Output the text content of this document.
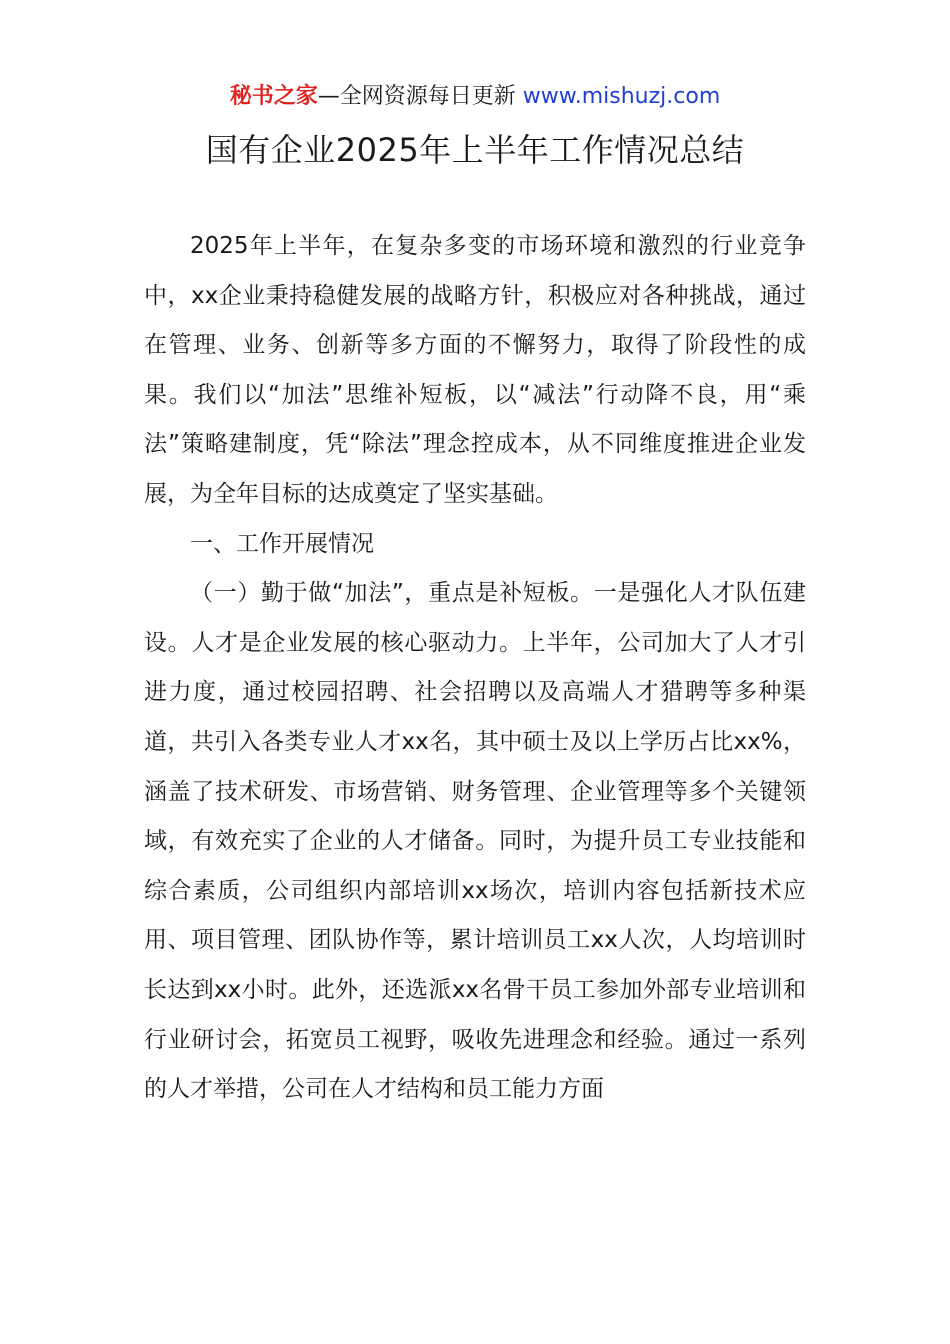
秘书之家—全网资源每日更新 www.mishuzj.com
国有企业2025年上半年工作情况总结

2025年上半年，在复杂多变的市场环境和激烈的行业竞争中，xx企业秉持稳健发展的战略方针，积极应对各种挑战，通过在管理、业务、创新等多方面的不懈努力，取得了阶段性的成果。我们以“加法”思维补短板，以“减法”行动降不良，用“乘法”策略建制度，凭“除法”理念控成本，从不同维度推进企业发展，为全年目标的达成奠定了坚实基础。

一、工作开展情况

（一）勤于做“加法”，重点是补短板。一是强化人才队伍建设。人才是企业发展的核心驱动力。上半年，公司加大了人才引进力度，通过校园招聘、社会招聘以及高端人才猎聘等多种渠道，共引入各类专业人才xx名，其中硕士及以上学历占比xx%，涵盖了技术研发、市场营销、财务管理、企业管理等多个关键领域，有效充实了企业的人才储备。同时，为提升员工专业技能和综合素质，公司组织内部培训xx场次，培训内容包括新技术应用、项目管理、团队协作等，累计培训员工xx人次，人均培训时长达到xx小时。此外，还选派xx名骨干员工参加外部专业培训和行业研讨会，拓宽员工视野，吸收先进理念和经验。通过一系列的人才举措，公司在人才结构和员工能力方面
